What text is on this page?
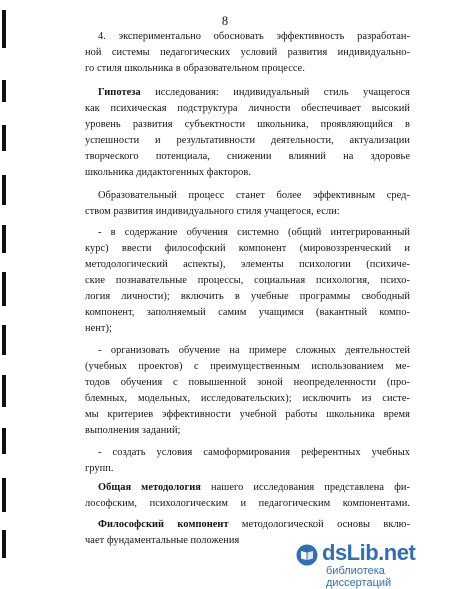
8
4. экспериментально обосновать эффективность разработан-
ной системы педагогических условий развития индивидуально-
го стиля школьника в образовательном процессе.
Гипотеза исследования: индивидуальный стиль учащегося
как психическая подструктура личности обеспечивает высокий
уровень развития субъектности школьника, проявляющийся в
успешности и результативности деятельности, актуализации
творческого потенциала, снижении влияний на здоровье
школьника дидактогенных факторов.
Образовательный процесс станет более эффективным сред-
ством развития индивидуального стиля учащегося, если:
- в содержание обучения системно (общий интегрированный
курс) ввести философский компонент (мировоззренческий и
методологический аспекты), элементы психологии (психиче-
ские познавательные процессы, социальная психология, психо-
логия личности); включить в учебные программы свободный
компонент, заполняемый самим учащимся (вакантный компо-
нент);
- организовать обучение на примере сложных деятельностей
(учебных проектов) с преимущественным использованием ме-
тодов обучения с повышенной зоной неопределенности (про-
блемных, модельных, исследовательских); исключить из систе-
мы критериев эффективности учебной работы школьника время
выполнения заданий;
- создать условия самоформирования референтных учебных
групп.
Общая методология нашего исследования представлена фи-
лософским, психологическим и педагогическим компонентами.
Философский компонент методологической основы вклю-
чает фундаментальные положения	dsLib.net
библиотека диссертаций
